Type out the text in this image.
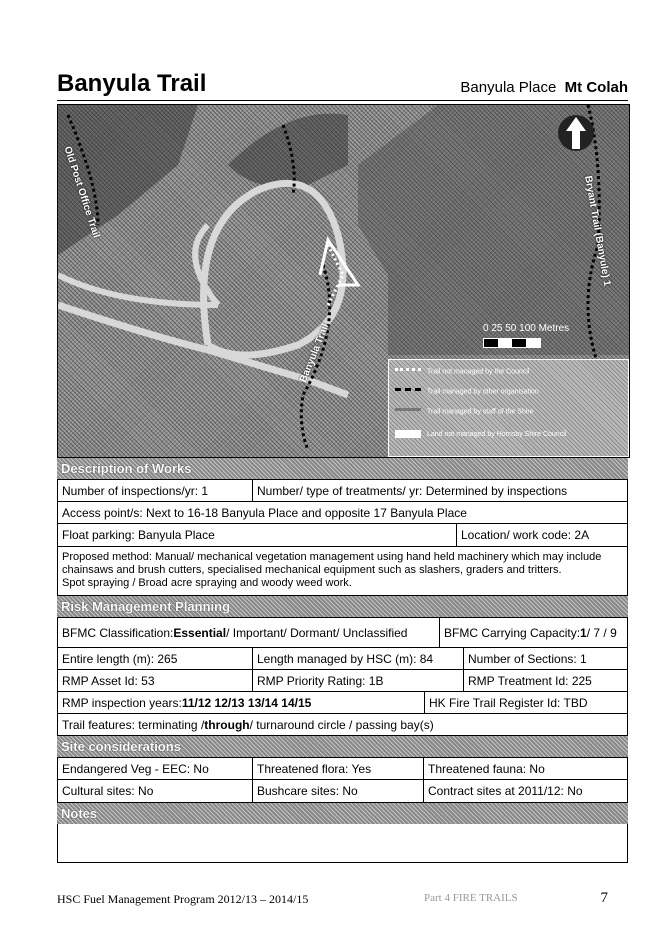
Banyula Trail	Banyula Place Mt Colah
Old Post Office Trail	Bryant Trail (Banyule) 1
Banyula Trail	0 25 50 100 Metres
Trail not managed by the Council
Trail managed by other organisation
Trail managed by staff of the Shire
Land not managed by Hornsby Shire Council
Description of Works
Number of inspections/yr: 1	Number/ type of treatments/ yr: Determined by inspections
Access point/s: Next to 16-18 Banyula Place and opposite 17 Banyula Place
Float parking: Banyula Place	Location/ work code: 2A
Proposed method: Manual/ mechanical vegetation management using hand held machinery which may include chainsaws and brush cutters, specialised mechanical equipment such as slashers, graders and tritters.
Spot spraying / Broad acre spraying and woody weed work.
Risk Management Planning
BFMC Classification: Essential / Important/ Dormant/ Unclassified	BFMC Carrying Capacity: 1 / 7 / 9
Entire length (m): 265	Length managed by HSC (m): 84	Number of Sections: 1
RMP Asset Id: 53	RMP Priority Rating: 1B	RMP Treatment Id: 225
RMP inspection years: 11/12 12/13 13/14 14/15	HK Fire Trail Register Id: TBD
Trail features: terminating / through / turnaround circle / passing bay(s)
Site considerations
Endangered Veg - EEC: No	Threatened flora: Yes	Threatened fauna: No
Cultural sites: No	Bushcare sites: No	Contract sites at 2011/12: No
Notes
HSC Fuel Management Program 2012/13 – 2014/15	Part 4 FIRE TRAILS	7
